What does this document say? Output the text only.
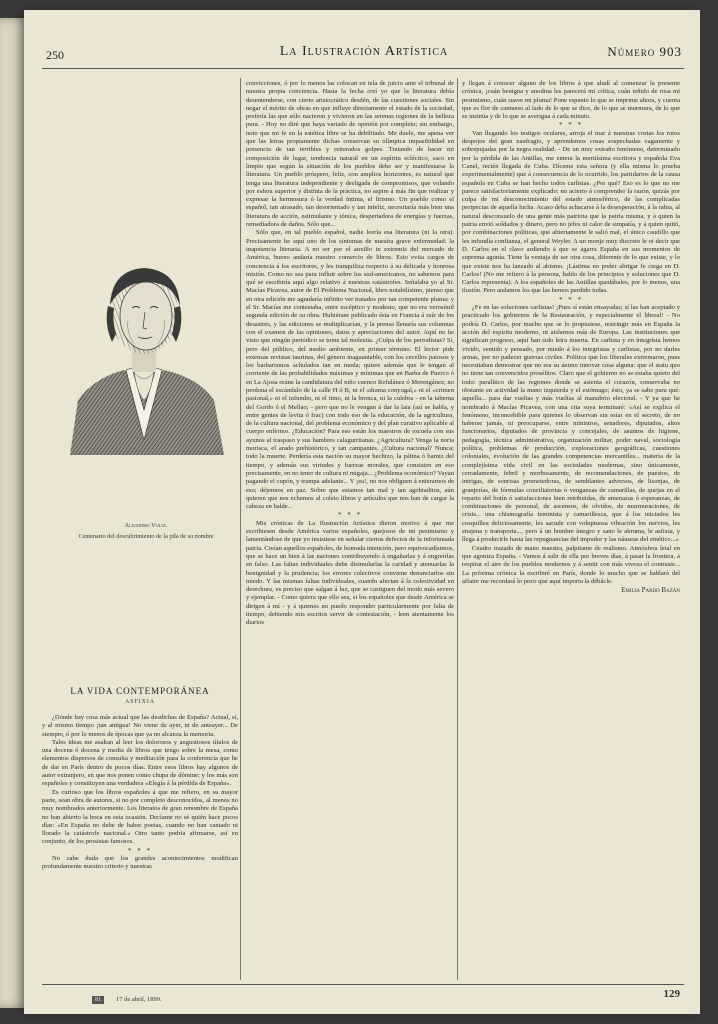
250	La Ilustración Artística	Número 903
Alejandro Volta.
Centenario del descubrimiento de la pila de su nombre
LA VIDA CONTEMPORÁNEA
ASFIXIA

¿Dónde hay cosa más actual que las desdichas de España? Actual, sí, y al mismo tiempo ¡tan antigua! No viene de ayer, ni de anteayer... De siempre, ó por lo menos de épocas que ya no alcanza la memoria.

Tales ideas me asaltan al leer los dolorosos y angustiosos títulos de una docena ó docena y media de libros que tengo sobre la mesa, como elementos dispersos de consulta y meditación para la conferencia que he de dar en París dentro de pocos días. Entre esos libros hay algunos de autor extranjero, en que nos ponen como chupa de dómine; y los más son españoles y constituyen una verdadera «Elegía á la pérdida de España».

Es curioso que los libros españoles á que me refiero, en su mayor parte, sean obra de autores, si no por completo desconocidos, al menos no muy nombrados anteriormente. Los literatos de gran renombre de España no han abierto la boca en esta ocasión. Decíame no sé quién hace pocos días: «En España no debe de haber poetas, cuando no han cantado ni llorado la catástrofe nacional.» Otro tanto podría afirmarse, así en conjunto, de los prosistas famosos.

* * *

No cabe duda que los grandes acontecimientos modifican profundamente nuestro criterio y nuestras

convicciones, ó por lo menos las colocan en tela de juicio ante el tribunal de nuestra propia conciencia. Hasta la fecha creí yo que la literatura debía desentenderse, con cierto aristocrático desdén, de las cuestiones sociales. Sin negar el mérito de obras en que influye directamente el estado de la sociedad, prefería las que sólo nacieron y vivieron en las serenas regiones de la belleza pura. - Hoy no diré que haya variado de opinión por completo; sin embargo, noto que mi fe en la estética libre se ha debilitado. Me duele, me apena ver que las letras propiamente dichas conservan su olímpica impasibilidad en presencia de tan terribles y reiterados golpes. Tratando de hacer mi composición de lugar, tendencia natural en un espíritu ecléctico, saco en limpio que según la situación de los pueblos debe ser y manifestarse la literatura. Un pueblo próspero, feliz, con amplios horizontes, es natural que tenga una literatura independiente y desligada de compromisos, que volando por esfera superior y distinta de la práctica, no aspire á más fin que realizar y expresar la hermosura ó la verdad íntima, el lirismo. Un pueblo como el español, tan atrasado, tan desorientado y tan infeliz, necesitaría más bien una literatura de acción, estimulante y tónica, despertadora de energías y fuerzas, remediadora de daños. Sólo que...

Sólo que, en tal pueblo español, nadie leería esa literatura (ni la otra). Precisamente he aquí uno de los síntomas de nuestra grave enfermedad: la inapetencia literaria. A no ser por el auxilio in extremis del mercado de América, bueno andaría nuestro comercio de libros. Esto evita cargos de conciencia á los escritores, y les tranquiliza respecto á su delicada y honrosa misión. Como no sea para influir sobre los sud-americanos, no sabemos para qué se escribiría aquí algo relativo á nuestras catástrofes. Señalaba yo al Sr. Macías Picavea, autor de El Problema Nacional, libro notabilísimo, pienso que en otra edición me agradaría infinito ver tratados por tan competente pluma; y el Sr. Macías me contestaba, entre escéptico y modesto, que no era verosímil segunda edición de su obra. Hubiérase publicado ésta en Francia á raíz de los desastres, y las ediciones se multiplicarían, y la prensa llenaría sus columnas con el examen de las opiniones, datos y apreciaciones del autor. Aquí no he visto que ningún periódico se tome tal molestia. ¿Culpa de los periodistas? Sí, pero del público, del medio ambiente, en primer término. El lector pide extensas revistas taurinas, del género inaguantable, con los cecellos patosos y los barbarismos achulados tan en moda; quiere además que le tengan al corriente de las probabilidades máximas y mínimas que en Barba de Puerco ó en La Ajosa reúne la candidatura del niño cuenco Refulánez ó Merengánez; no perdona el escándalo de la calle H ó B, ni el «drama conyugal,» ni el «crimen pasional,» ni el infundio, ni el timo, ni la bronca, ni la culebra - en la taberna del Gordo ó el Mellao; - pero que no le vengan á dar la lata (así se habla, y entre gentes de levita ó frac) con todo eso de la educación, de la agricultura, de la cultura nacional, del problema económico y del plan curativo aplicable al cuerpo enfermo. ¿Educación? Para eso están los maestros de escuela con sus ayunos al traspaso y sus hambres calagurritanas. ¿Agricultura? Venga la noria morisca, el arado prehistórico, y tan campantes. ¿Cultura nacional? Nunca; todo la muerte. Perdería esta nación su mayor hechizo, la pátina ó barniz del tiempo, y además sus virtudes y fuerzas morales, que consisten en eso precisamente, en no tener de cultura ni migaja... ¿Problema económico? Vayan pagando el cupón, y trampa adelante... Y ¡ea!, no nos obliguen á enterarnos de eso; déjennos en paz. Sobre que estamos tan mal y tan agobiaditos, aún quieren que nos echemos al coleto libros y artículos que nos han de cargar la cabeza en balde...

* * *

Mis crónicas de La Ilustración Artística dieron motivo á que me escribiesen desde América varios españoles, quejosos de mi pesimismo y lamentándose de que yo insistiese en señalar ciertos defectos de la infortunada patria. Creían aquellos españoles, de honrada intención, pero equivocadísimos, que se hace un bien á las naciones contribuyendo á engañarlas y á engreírlas en falso. Las faltas individuales debe disimularlas la caridad y atenuarlas la benignidad y la prudencia; los errores colectivos conviene denunciarlos sin miedo. Y las mismas faltas individuales, cuando afectan á la colectividad en derechura, es preciso que salgan á luz, que se castiguen del modo más severo y ejemplar. - Como quiera que ello sea, si los españoles que desde América se dirigen á mí - y á quienes no puedo responder particularmente por falta de tiempo, debiendo mis escritos servir de contestación, - leen atentamente los diarios

y llegan á conocer alguno de los libros á que aludí al comenzar la presente crónica, ¡cuán benigna y anodina les parecerá mi crítica, cuán teñido de rosa mi pesimismo, cuán suave mi pluma! Pone espanto lo que se imprime ahora, y cuenta que es flor de cantueso al lado de lo que se dice, de lo que se murmura, de lo que se insinúa y de lo que se averigua á cada minuto.

* * *

Van llegando los testigos oculares, arroja el mar á nuestras costas los rotos despojos del gran naufragio, y aprendemos cosas sospechadas vagamente y sobrepujadas por la negra realidad. - De un muy extraño fenómeno, determinado por la pérdida de las Antillas, me entera la meritísima escritora y española Eva Canel, recién llegada de Cuba. Díceme esta señora (y ella misma lo prueba experimentalmente) que á consecuencia de lo ocurrido, los partidarios de la causa española en Cuba se han hecho todos carlistas. ¿Por qué? Eso es lo que no me parece satisfactoriamente explicado: no acierto á comprender la razón, quizás por culpa de mi desconocimiento del estado atmosférico, de las complicadas peripecias de aquella lucha. Acaso deba achacarse á la desesperación, á la rabia, al natural desconsuelo de una gente más patriota que la patria misma, y á quien la patria envió soldados y dinero, pero no jefes ni calor de simpatía, y á quien quitó, por combinaciones políticas, que abiertamente le salió mal, el único caudillo que les infundía confianza, el general Weyler. A un monje muy discreto le oí decir que D. Carlos en el clavo ardiendo á que se agarra España en sus momentos de suprema agonía. Tiene la ventaja de ser otra cosa, diferente de lo que existe, y lo que existe nos ha lanzado al abismo. ¡Lástima no poder abrigar fe ciega en D. Carlos! (No me refiero á la persona, hablo de los principios y soluciones que D. Carlos representa). A los españoles de las Antillas quedábales, por lo menos, una ilusión. Pero andamos los que las hemos perdido todas.

* * *

¿Fe en las soluciones carlistas! ¡Pues sí están ensayadas; sí las han aceptado y practicado los gobiernos de la Restauración, y especialmente el liberal! - No podría D. Carlos, por mucho que se lo propusiese, restringir más en España la acción del espíritu moderno, ni aislarnos más de Europa. Las instituciones que significan progreso, aquí han sido letra muerta. En carlista y en integrista hemos vivido, sentido y pensado, por miedo á los integristas y carlistas, por no darles armas, por no padecer guerras civiles. Política que los liberales extremaron, pues necesitaban demostrar que no era su ánimo innovar cosa alguna: que el statu quo no tiene tan convencidos prosélitos. Claro que el gobierno no se estaba quieto del todo: paralítico de las regiones donde se asienta el corazón, conservaba no obstante en actividad la mano izquierda y el estómago; ésto, ya se sabe para qué: aquella... para dar vueltas y más vueltas al manubrio electoral. - Y ya que he nombrado á Macías Picavea, con una cita suya terminaré: «Así se explica el fenómeno, inconcebible para quienes lo observan sin estar en el secreto, de no haberse jamás, ni preocuparse, entre ministros, senadores, diputados, altos funcionarios, diputados de provincia y concejales, de asuntos de higiene, pedagogía, técnica administrativa, organización militar, poder naval, sociología política, problemas de producción, exploraciones geográficas, cuestiones coloniales, evolución de las grandes competencias mercantiles... materia de la complejísima vida civil en las sociedades modernas, sino únicamente, cerradamente, febril y morbosamente, de recomendaciones, de puestos, de intrigas, de sonrisas prometedoras, de semblantes adversos, de lisonjas, de granjerías, de fórmulas conciliatorias ó venganzas de camarillas, de quejas en el reparto del botín ó satisfacciones bien retribuidas, de amenazas ó esperanzas, de combinaciones de personal, de ascensos, de olvidos, de murmuraciones, de crisis... una chismografía feminista y camarillesca, que á los iniciados les cosquillea deliciosamente, les sacude con voluptuosa vibración los nervios, les enajena y transporta..., pero á un hombre íntegro y sano le abruma, le asfixia, y llega á producirle hasta las repugnancias del impudor y las náuseas del emético...»

Cuadro trazado de mano maestra, palpitante de realismo. Atmósfera letal en que agoniza España. - Vamos á salir de ella por breves días, á pasar la frontera, á respirar el aire de los pueblos modernos y á sentir con más viveza el contraste... La próxima crónica la escribiré en París, donde lo mucho que se hablará del affaire me recordará lo poco que aquí importa la débâcle.

Emilia Pardo Bazán

81	17 de abril, 1899.	129
